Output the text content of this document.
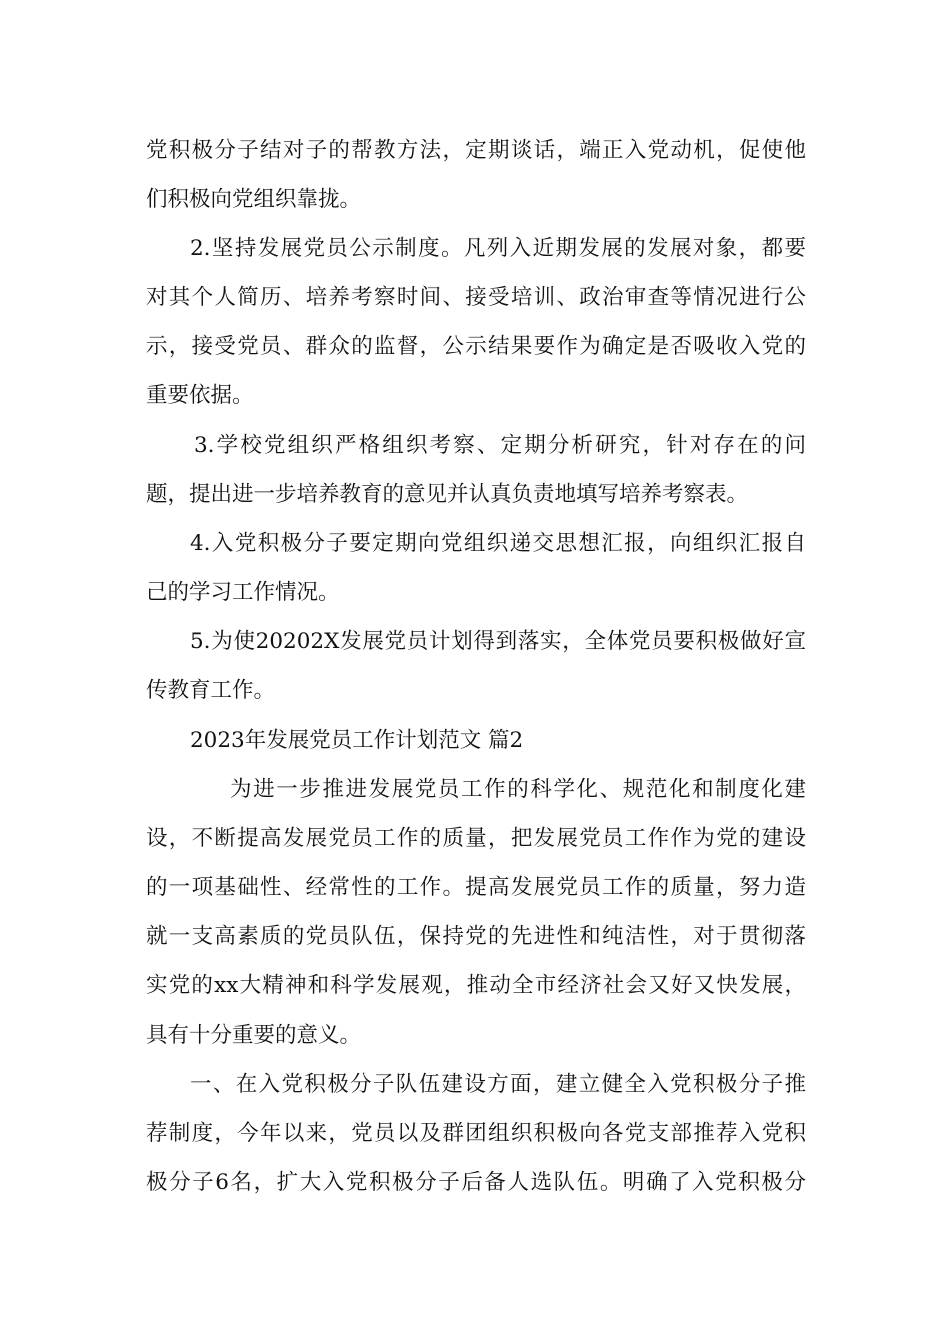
党积极分子结对子的帮教方法，定期谈话，端正入党动机，促使他
们积极向党组织靠拢。
2.坚持发展党员公示制度。凡列入近期发展的发展对象，都要
对其个人简历、培养考察时间、接受培训、政治审查等情况进行公
示，接受党员、群众的监督，公示结果要作为确定是否吸收入党的
重要依据。
3.学校党组织严格组织考察、定期分析研究，针对存在的问
题，提出进一步培养教育的意见并认真负责地填写培养考察表。
4.入党积极分子要定期向党组织递交思想汇报，向组织汇报自
己的学习工作情况。
5.为使20202X发展党员计划得到落实，全体党员要积极做好宣
传教育工作。
2023年发展党员工作计划范文 篇2
为进一步推进发展党员工作的科学化、规范化和制度化建
设，不断提高发展党员工作的质量，把发展党员工作作为党的建设
的一项基础性、经常性的工作。提高发展党员工作的质量，努力造
就一支高素质的党员队伍，保持党的先进性和纯洁性，对于贯彻落
实党的xx大精神和科学发展观，推动全市经济社会又好又快发展，
具有十分重要的意义。
一、在入党积极分子队伍建设方面，建立健全入党积极分子推
荐制度，今年以来，党员以及群团组织积极向各党支部推荐入党积
极分子6名，扩大入党积极分子后备人选队伍。明确了入党积极分
